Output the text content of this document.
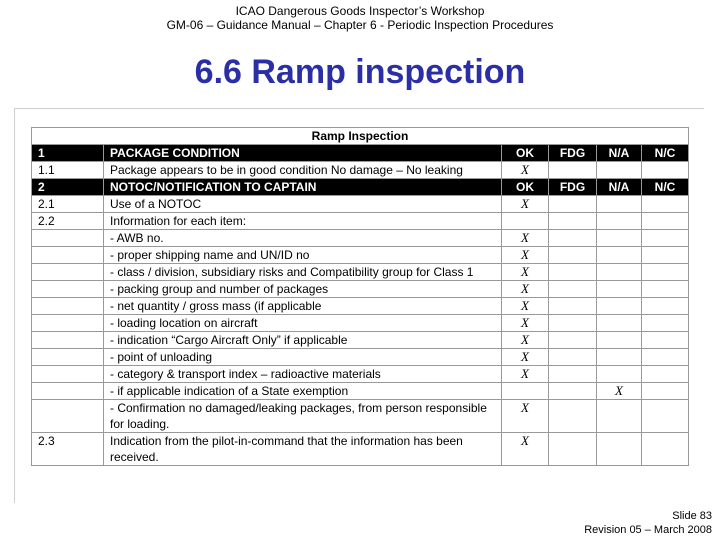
ICAO Dangerous Goods Inspector’s Workshop
GM-06 – Guidance Manual – Chapter 6 - Periodic Inspection Procedures
6.6 Ramp inspection
Ramp Inspection					
1	PACKAGE CONDITION	OK	FDG	N/A	N/C
1.1	Package appears to be in good condition No damage – No leaking	X			
2	NOTOC/NOTIFICATION TO CAPTAIN	OK	FDG	N/A	N/C
2.1	Use of a NOTOC	X			
2.2	Information for each item:				
	- AWB no.	X			
	- proper shipping name and UN/ID no	X			
	- class / division, subsidiary risks and Compatibility group for Class 1	X			
	- packing group and number of packages	X			
	- net quantity / gross mass (if applicable	X			
	- loading location on aircraft	X			
	- indication “Cargo Aircraft Only” if applicable	X			
	- point of unloading	X			
	- category & transport index – radioactive materials	X			
	- if applicable indication of a State exemption			X	
	- Confirmation no damaged/leaking packages, from person responsible for loading.	X			
2.3	Indication from the pilot-in-command that the information has been received.	X			
Slide 83
Revision 05 – March 2008
